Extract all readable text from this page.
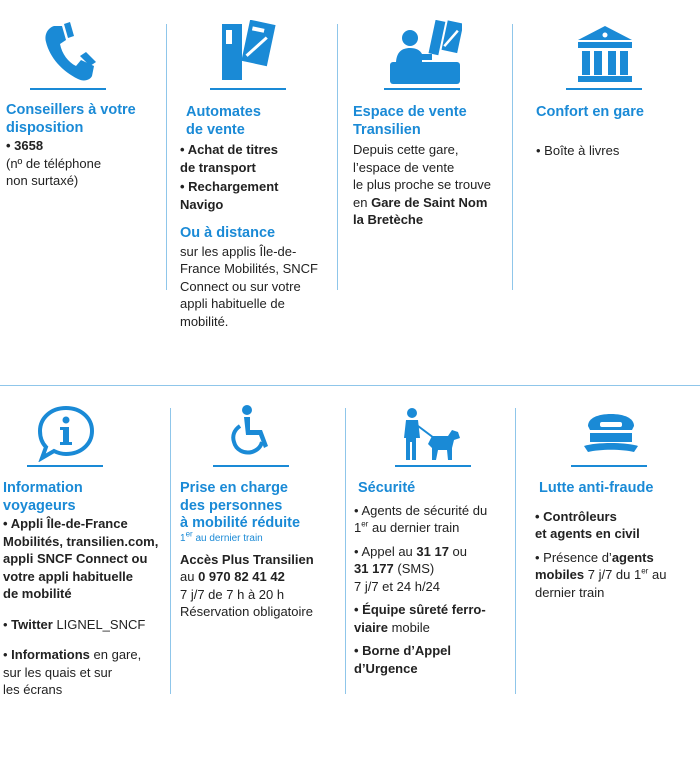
Conseillers à votre
disposition

• 3658

(nº de téléphone

non surtaxé)

Automates
de vente

• Achat de titres

de transport

• Rechargement

Navigo

Ou à distance

sur les applis Île-de-

France Mobilités, SNCF

Connect ou sur votre

appli habituelle de

mobilité.

Espace de vente
Transilien

Depuis cette gare,

l’espace de vente

le plus proche se trouve

en Gare de Saint Nom

la Bretèche

Confort en gare

• Boîte à livres

Information
voyageurs

• Appli Île-de-France

Mobilités, transilien.com,

appli SNCF Connect ou

votre appli habituelle

de mobilité

• Twitter LIGNEL_SNCF

• Informations en gare,

sur les quais et sur

les écrans

Prise en charge
des personnes
à mobilité réduite

1er au dernier train

Accès Plus Transilien

au 0 970 82 41 42

7 j/7 de 7 h à 20 h

Réservation obligatoire

Sécurité

• Agents de sécurité du

1er au dernier train

• Appel au 31 17 ou

31 177 (SMS)

7 j/7 et 24 h/24

• Équipe sûreté ferro-

viaire mobile

• Borne d’Appel

d’Urgence

Lutte anti-fraude

• Contrôleurs

et agents en civil

• Présence d’agents

mobiles 7 j/7 du 1er au

dernier train
